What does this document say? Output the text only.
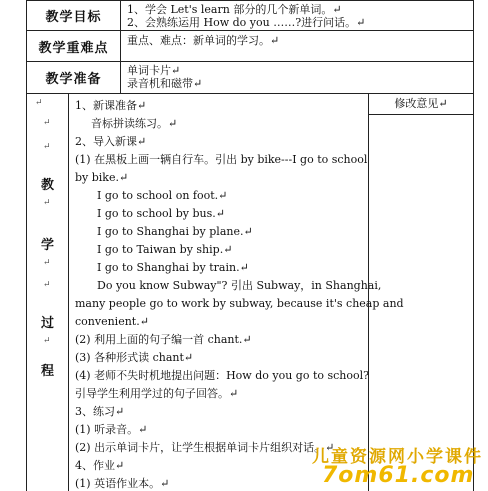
教学目标
1、学会 Let's learn 部分的几个新单词。↵
2、会熟练运用 How do you ……?进行问话。↵
教学重难点 重点、难点：新单词的学习。↵
教学准备
单词卡片↵
录音机和磁带↵
↵
↵
↵
教
↵
学
↵
↵
过
↵
程
1、新课准备↵
音标拼读练习。↵
2、导入新课↵
(1) 在黑板上画一辆自行车。引出 by bike---I go to school
by bike.↵
I go to school on foot.↵
I go to school by bus.↵
I go to Shanghai by plane.↵
I go to Taiwan by ship.↵
I go to Shanghai by train.↵
Do you know Subway"? 引出 Subway，in Shanghai,
many people go to work by subway, because it's cheap and
convenient.↵
(2) 利用上面的句子编一首 chant.↵
(3) 各种形式读 chant↵
(4) 老师不失时机地提出问题：How do you go to school?
引导学生利用学过的句子回答。↵
3、练习↵
(1) 听录音。↵
(2) 出示单词卡片，让学生根据单词卡片组织对话。↵
4、作业↵
(1) 英语作业本。↵
修改意见↵
儿童资源网小学课件
7om61.com
